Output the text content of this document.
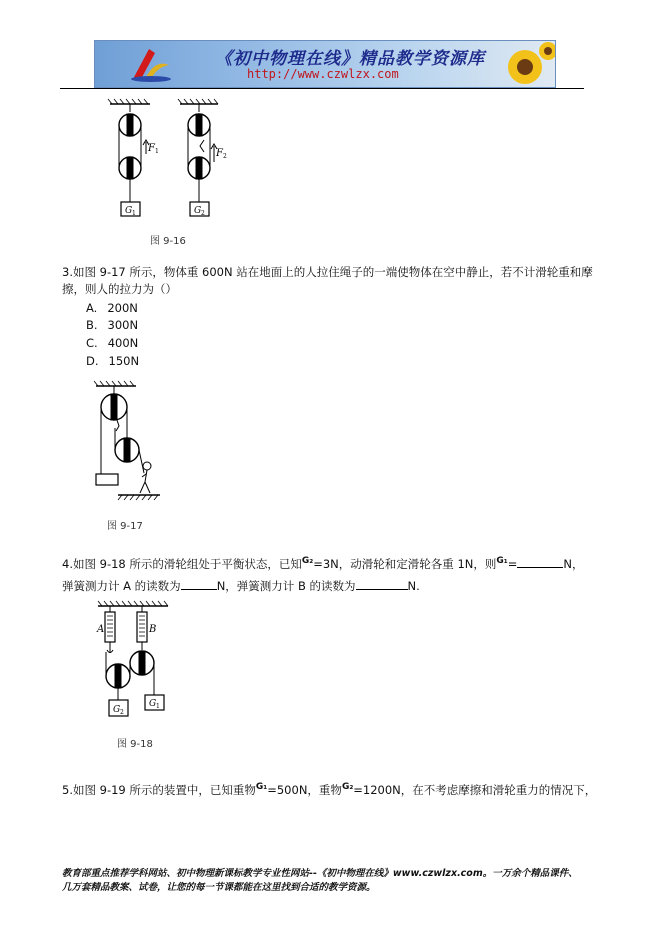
《初中物理在线》精品教学资源库
http://www.czwlzx.com
F 1	F 2
G 1	G 2
图 9-16
3.如图 9-17 所示，物体重 600N 站在地面上的人拉住绳子的一端使物体在空中静止，若不计滑轮重和摩
擦，则人的拉力为（）
A. 200N
B. 300N
C. 400N
D. 150N
图 9-17
4.如图 9-18 所示的滑轮组处于平衡状态，已知$^{G_2}$=3N，动滑轮和定滑轮各重 1N，则$^{G_1}$=	N，
弹簧测力计 A 的读数为	N，弹簧测力计 B 的读数为	N.
A	B
G 2
G 1
图 9-18
5.如图 9-19 所示的装置中，已知重物$^{G_1}$=500N，重物$^{G_2}$=1200N，在不考虑摩擦和滑轮重力的情况下，
教育部重点推荐学科网站、初中物理新课标教学专业性网站--《初中物理在线》www.czwlzx.com。一万余个精品课件、
几万套精品教案、试卷，让您的每一节课都能在这里找到合适的教学资源。
